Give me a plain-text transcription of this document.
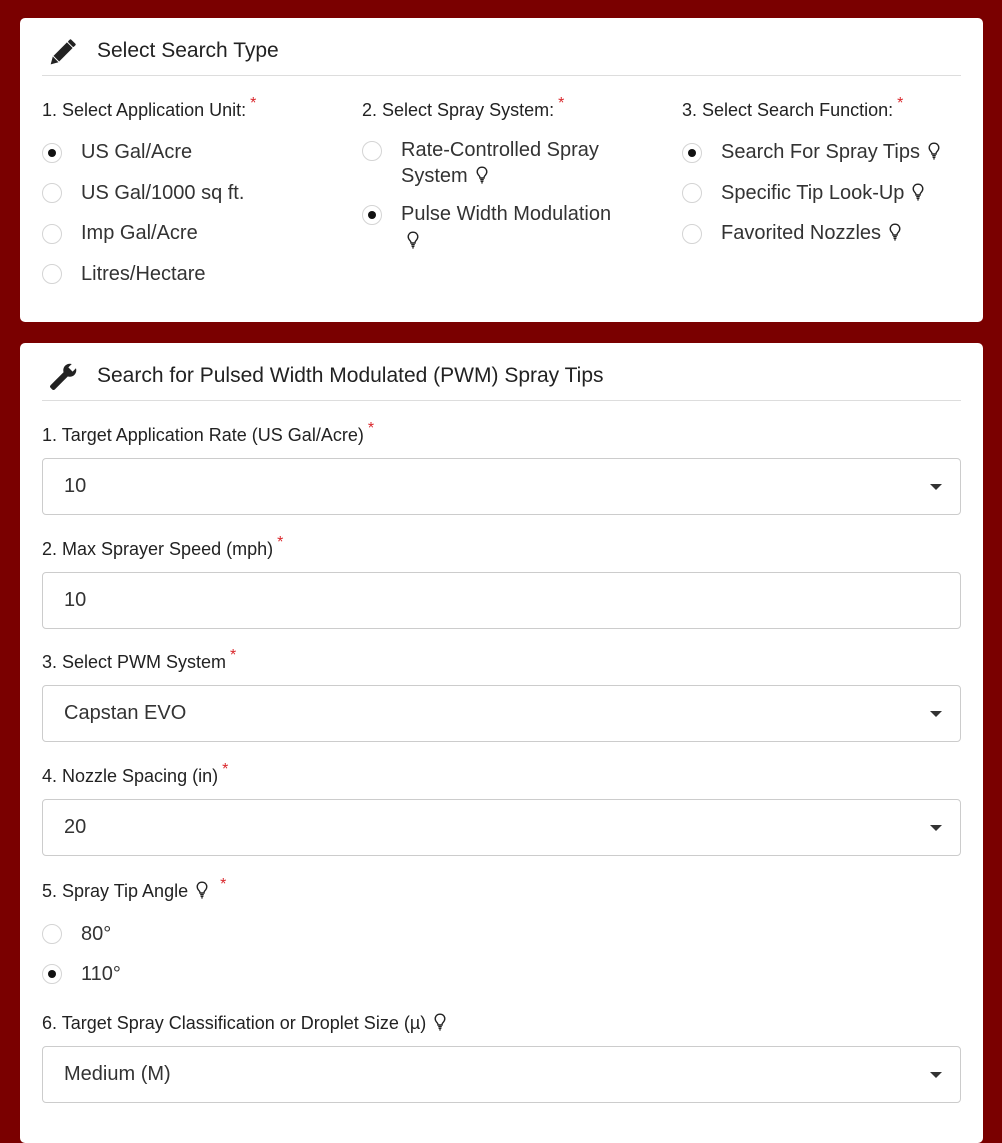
Select Search Type
1. Select Application Unit: *
US Gal/Acre
US Gal/1000 sq ft.
Imp Gal/Acre
Litres/Hectare
2. Select Spray System: *
Rate-Controlled Spray
System
Pulse Width Modulation
3. Select Search Function: *
Search For Spray Tips
Specific Tip Look-Up
Favorited Nozzles
Search for Pulsed Width Modulated (PWM) Spray Tips
1. Target Application Rate (US Gal/Acre) *
10
2. Max Sprayer Speed (mph) *
10
3. Select PWM System *
Capstan EVO
4. Nozzle Spacing (in) *
20
5. Spray Tip Angle *
80°
110°
6. Target Spray Classification or Droplet Size (µ)
Medium (M)
